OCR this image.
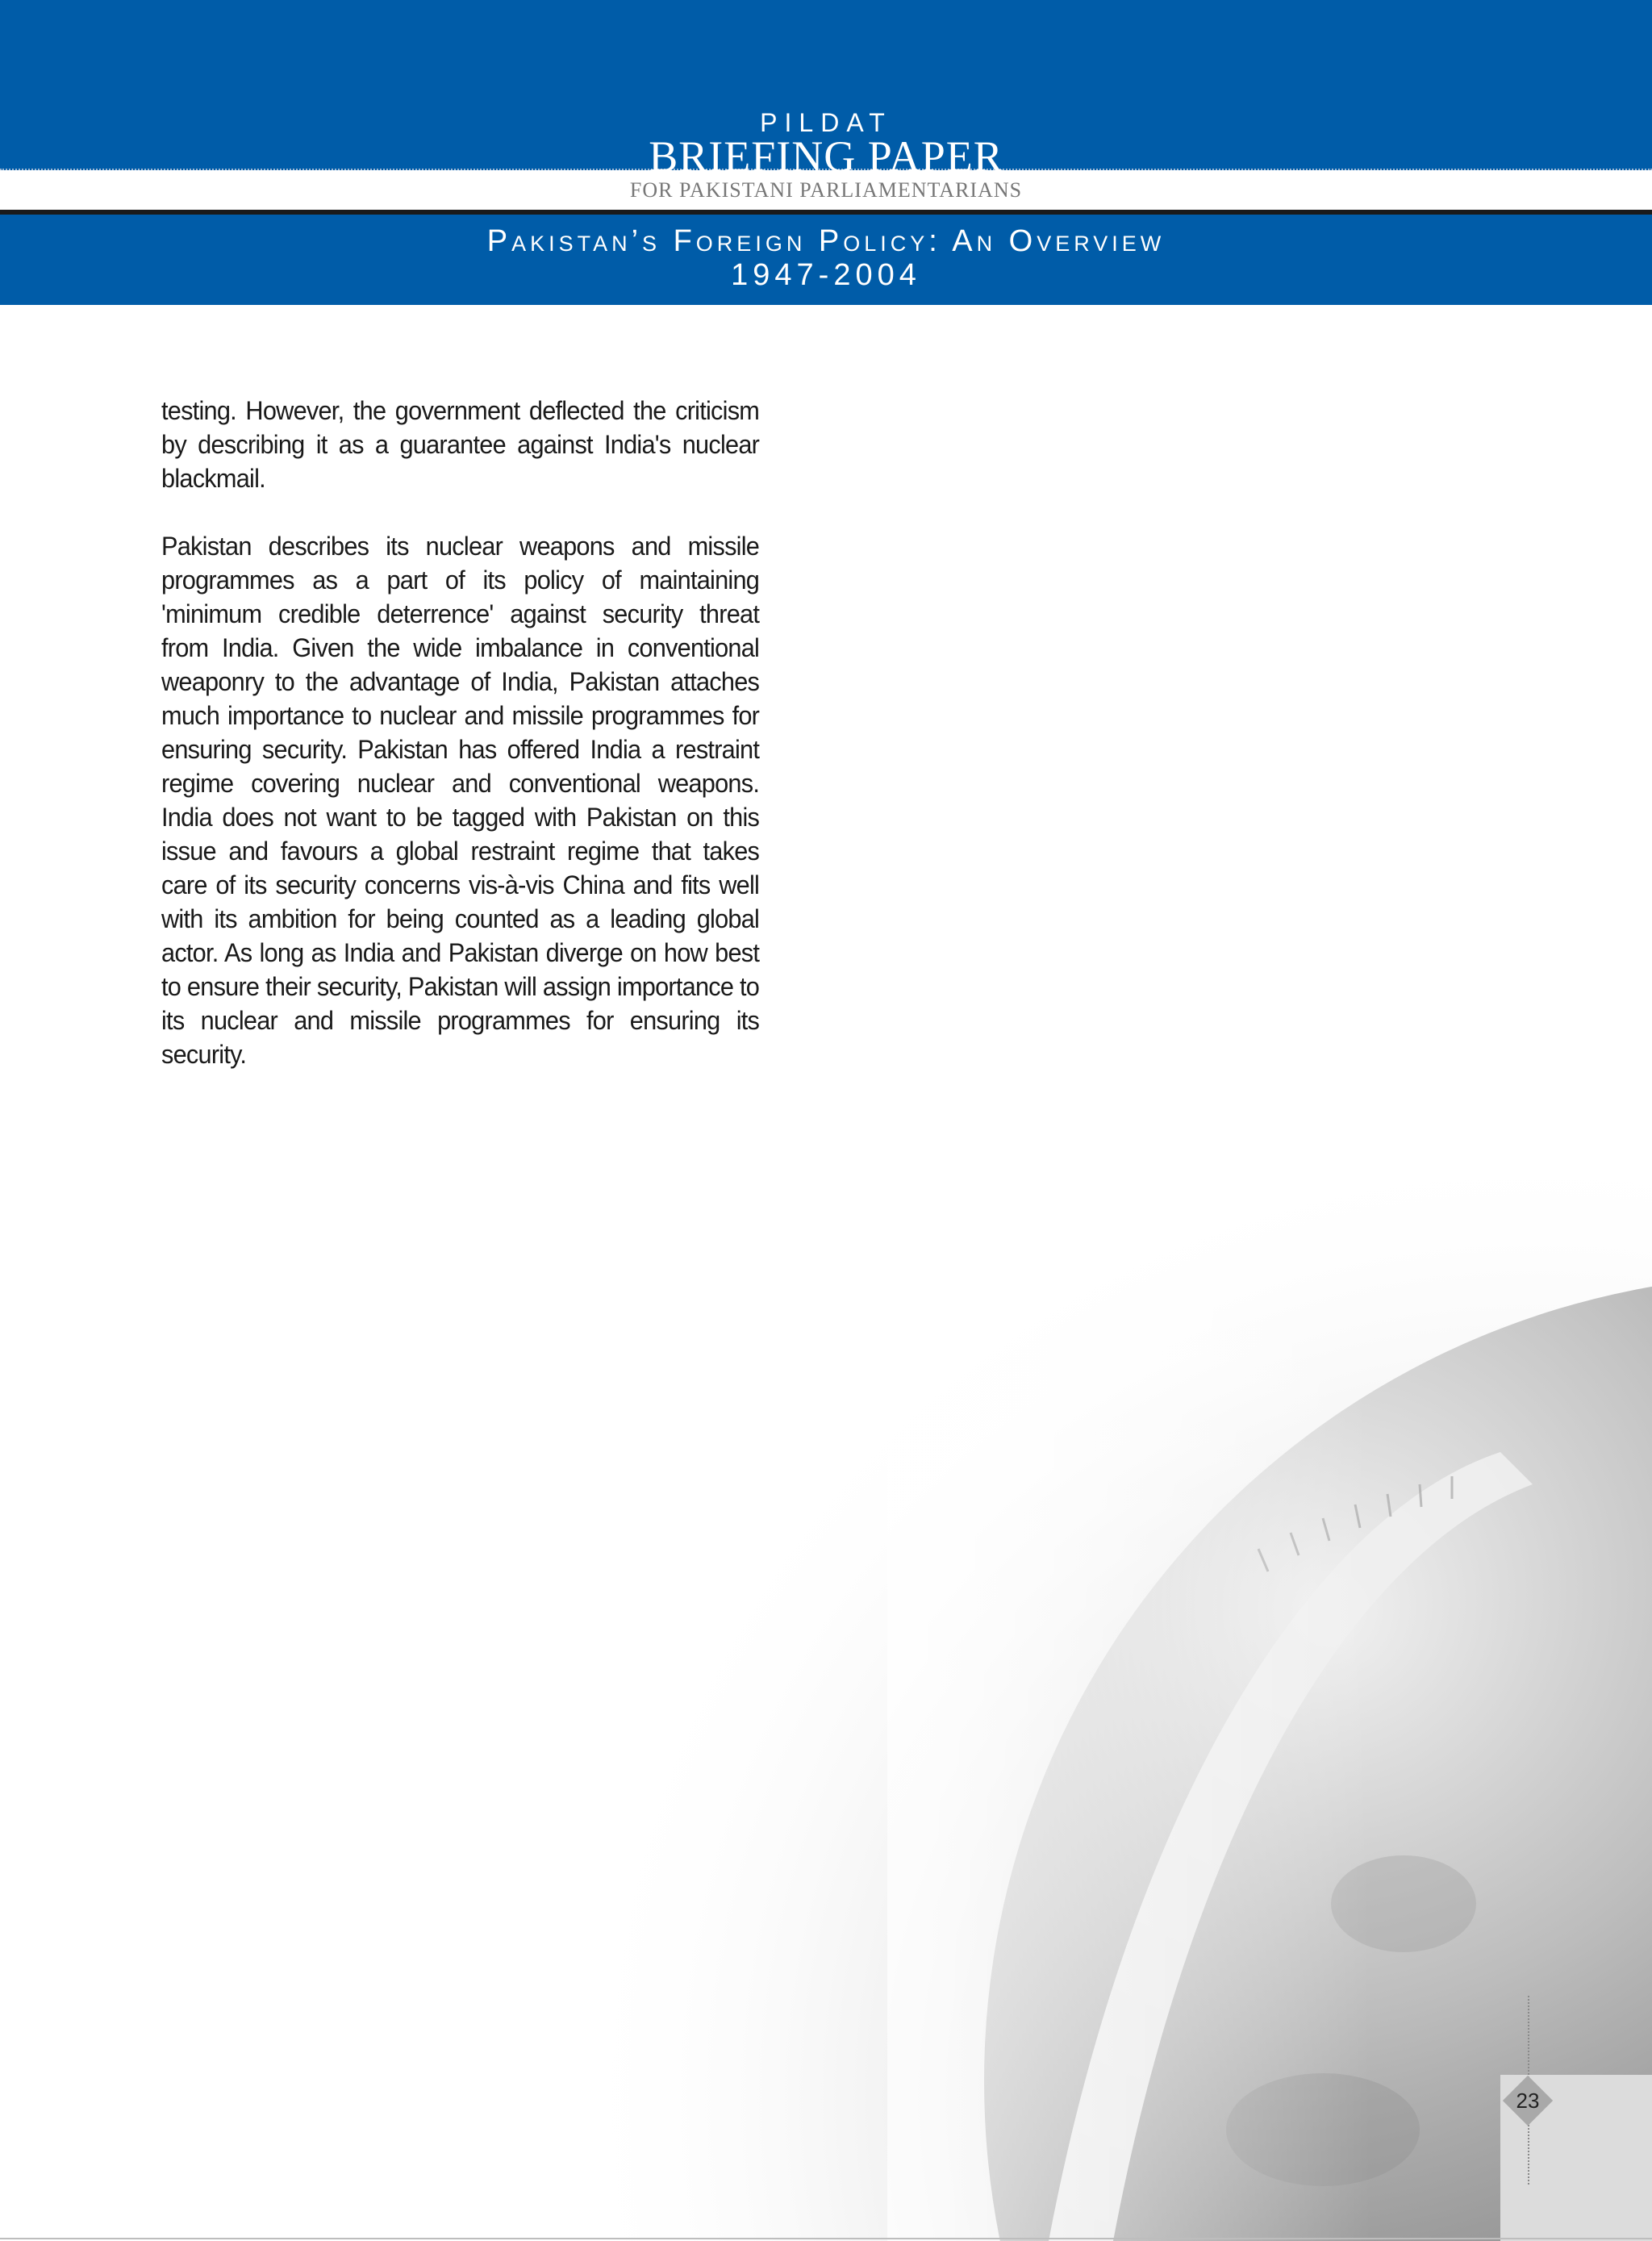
PILDAT
BRIEFING PAPER
FOR PAKISTANI PARLIAMENTARIANS
Pakistan’s Foreign Policy: An Overview
1947-2004

testing. However, the government deflected the criticism by describing it as a guarantee against India's nuclear blackmail.

Pakistan describes its nuclear weapons and missile programmes as a part of its policy of maintaining 'minimum credible deterrence' against security threat from India. Given the wide imbalance in conventional weaponry to the advantage of India, Pakistan attaches much importance to nuclear and missile programmes for ensuring security. Pakistan has offered India a restraint regime covering nuclear and conventional weapons. India does not want to be tagged with Pakistan on this issue and favours a global restraint regime that takes care of its security concerns vis-à-vis China and fits well with its ambition for being counted as a leading global actor. As long as India and Pakistan diverge on how best to ensure their security, Pakistan will assign importance to its nuclear and missile programmes for ensuring its security.

23
